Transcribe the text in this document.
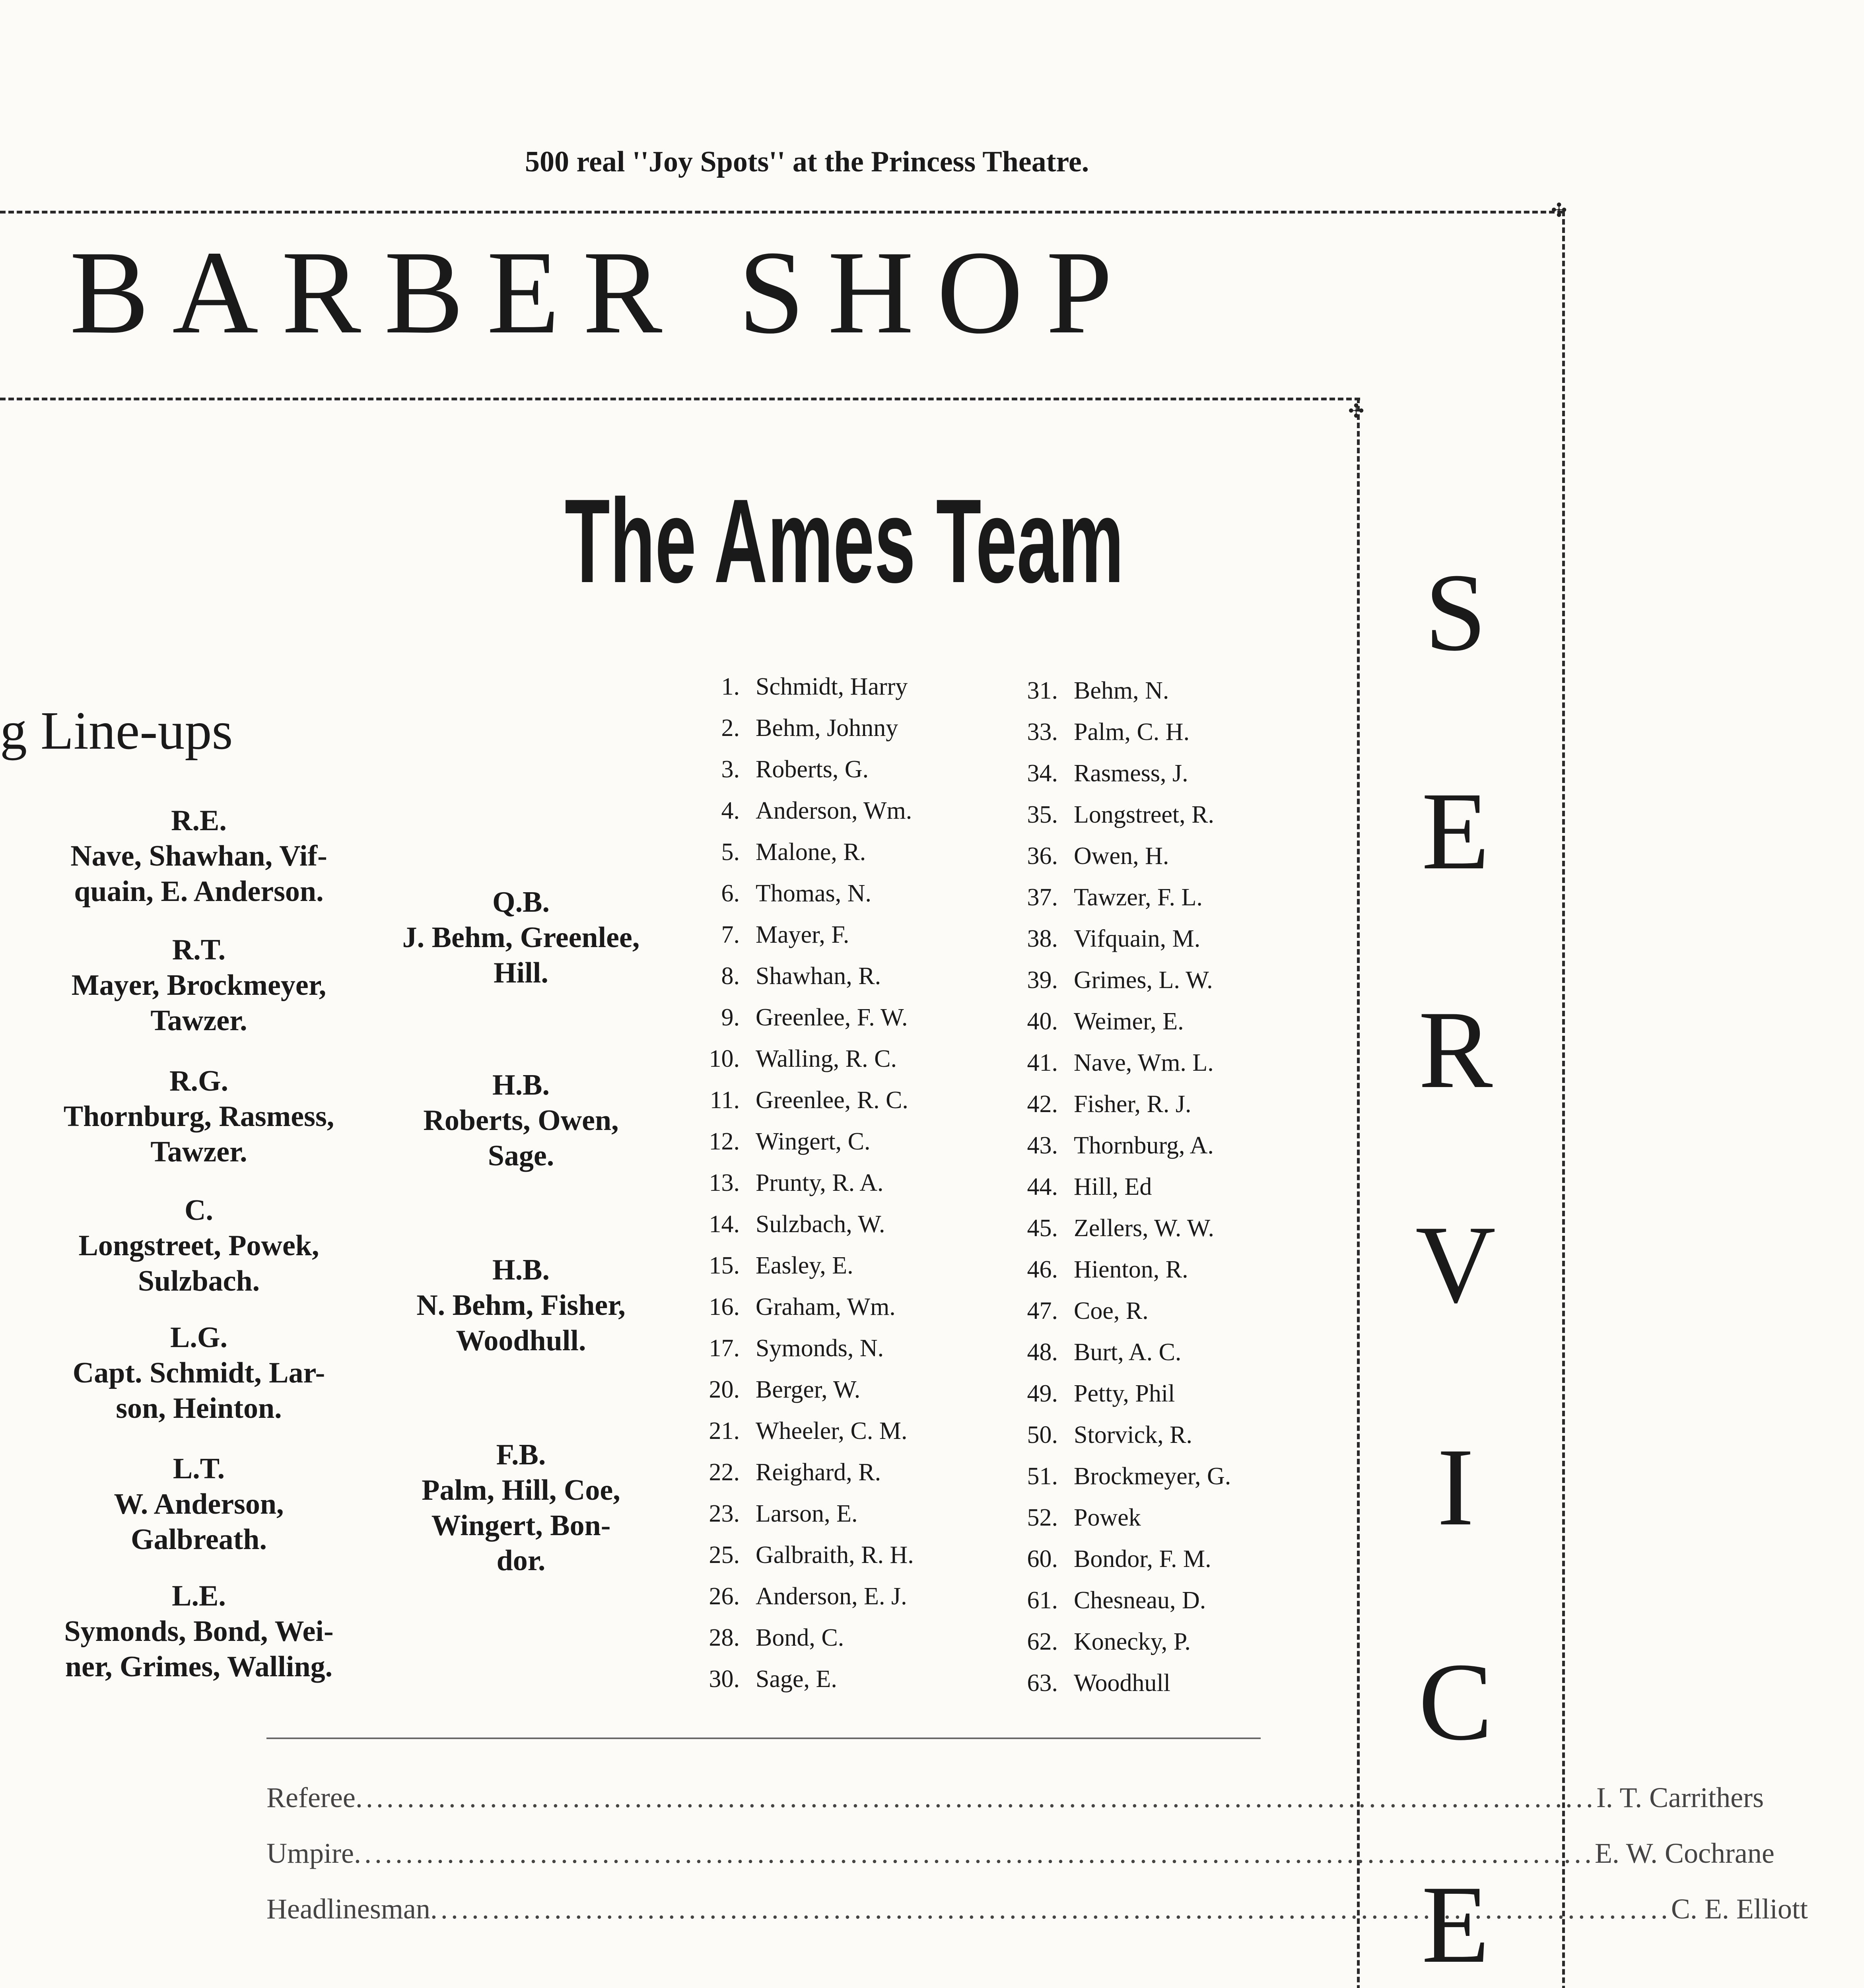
500 real ''Joy Spots'' at the Princess Theatre.
✣
BARBER SHOP
✣
The Ames Team
g Line-ups
R.E.
Nave, Shawhan, Vif-
quain, E. Anderson.
R.T.
Mayer, Brockmeyer,
Tawzer.
R.G.
Thornburg, Rasmess,
Tawzer.
C.
Longstreet, Powek,
Sulzbach.
L.G.
Capt. Schmidt, Lar-
son, Heinton.
L.T.
W. Anderson,
Galbreath.
L.E.
Symonds, Bond, Wei-
ner, Grimes, Walling.
Q.B.
J. Behm, Greenlee,
Hill.
H.B.
Roberts, Owen,
Sage.
H.B.
N. Behm, Fisher,
Woodhull.
F.B.
Palm, Hill, Coe,
Wingert, Bon-
dor.
1. Schmidt, Harry
2. Behm, Johnny
3. Roberts, G.
4. Anderson, Wm.
5. Malone, R.
6. Thomas, N.
7. Mayer, F.
8. Shawhan, R.
9. Greenlee, F. W.
10. Walling, R. C.
11. Greenlee, R. C.
12. Wingert, C.
13. Prunty, R. A.
14. Sulzbach, W.
15. Easley, E.
16. Graham, Wm.
17. Symonds, N.
20. Berger, W.
21. Wheeler, C. M.
22. Reighard, R.
23. Larson, E.
25. Galbraith, R. H.
26. Anderson, E. J.
28. Bond, C.
30. Sage, E.
31. Behm, N.
33. Palm, C. H.
34. Rasmess, J.
35. Longstreet, R.
36. Owen, H.
37. Tawzer, F. L.
38. Vifquain, M.
39. Grimes, L. W.
40. Weimer, E.
41. Nave, Wm. L.
42. Fisher, R. J.
43. Thornburg, A.
44. Hill, Ed
45. Zellers, W. W.
46. Hienton, R.
47. Coe, R.
48. Burt, A. C.
49. Petty, Phil
50. Storvick, R.
51. Brockmeyer, G.
52. Powek
60. Bondor, F. M.
61. Chesneau, D.
62. Konecky, P.
63. Woodhull
Referee ........................................................................................................................ I. T. Carrithers
Umpire ........................................................................................................................ E. W. Cochrane
Headlinesman ........................................................................................................................ C. E. Elliott
S
E
R
V
I
C
E
